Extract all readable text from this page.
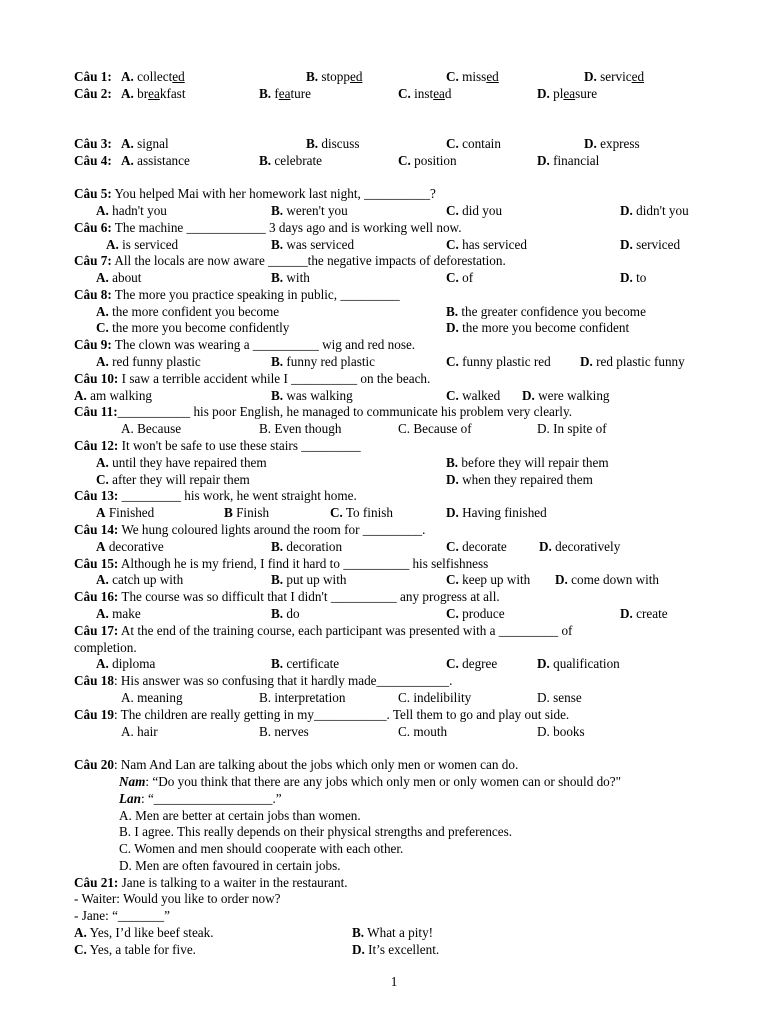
Câu 1: A. collected	B. stopped	C. missed	D. serviced
Câu 2: A. breakfast	B. feature	C. instead	D. pleasure
Câu 3: A. signal	B. discuss	C. contain	D. express
Câu 4: A. assistance	B. celebrate	C. position	D. financial
Câu 5: You helped Mai with her homework last night, __________?
A. hadn't you	B. weren't you	C. did you	D. didn't you
Câu 6: The machine ____________ 3 days ago and is working well now.
A. is serviced	B. was serviced	C. has serviced	D. serviced
Câu 7: All the locals are now aware ______the negative impacts of deforestation.
A. about	B. with	C. of	D. to
Câu 8: The more you practice speaking in public, _________
A. the more confident you become	B. the greater confidence you become
C. the more you become confidently	D. the more you become confident
Câu 9: The clown was wearing a __________ wig and red nose.
A. red funny plastic	B. funny red plastic	C. funny plastic red D. red plastic funny
Câu 10: I saw a terrible accident while I __________ on the beach.
A. am walking	B. was walking	C. walked D. were walking
Câu 11:___________ his poor English, he managed to communicate his problem very clearly.
A. Because	B. Even though	C. Because of	D. In spite of
Câu 12: It won't be safe to use these stairs _________
A. until they have repaired them	B. before they will repair them
C. after they will repair them	D. when they repaired them
Câu 13: _________ his work, he went straight home.
A Finished	B Finish	C. To finish	D. Having finished
Câu 14: We hung coloured lights around the room for _________.
A decorative	B. decoration	C. decorate D. decoratively
Câu 15: Although he is my friend, I find it hard to __________ his selfishness
A. catch up with	B. put up with	C. keep up with D. come down with
Câu 16: The course was so difficult that I didn't __________ any progress at all.
A. make	B. do	C. produce	D. create
Câu 17: At the end of the training course, each participant was presented with a _________ of
completion.
A. diploma	B. certificate	C. degree	D. qualification
Câu 18: His answer was so confusing that it hardly made___________.
A. meaning	B. interpretation	C. indelibility	D. sense
Câu 19: The children are really getting in my___________. Tell them to go and play out side.
A. hair	B. nerves	C. mouth	D. books
Câu 20: Nam And Lan are talking about the jobs which only men or women can do.
Nam: “Do you think that there are any jobs which only men or only women can or should do?"
Lan: “__________________.”
A. Men are better at certain jobs than women.
B. I agree. This really depends on their physical strengths and preferences.
C. Women and men should cooperate with each other.
D. Men are often favoured in certain jobs.
Câu 21: Jane is talking to a waiter in the restaurant.
- Waiter: Would you like to order now?
- Jane: “_______”
A. Yes, I’d like beef steak.	B. What a pity!
C. Yes, a table for five.	D. It’s excellent.
1
